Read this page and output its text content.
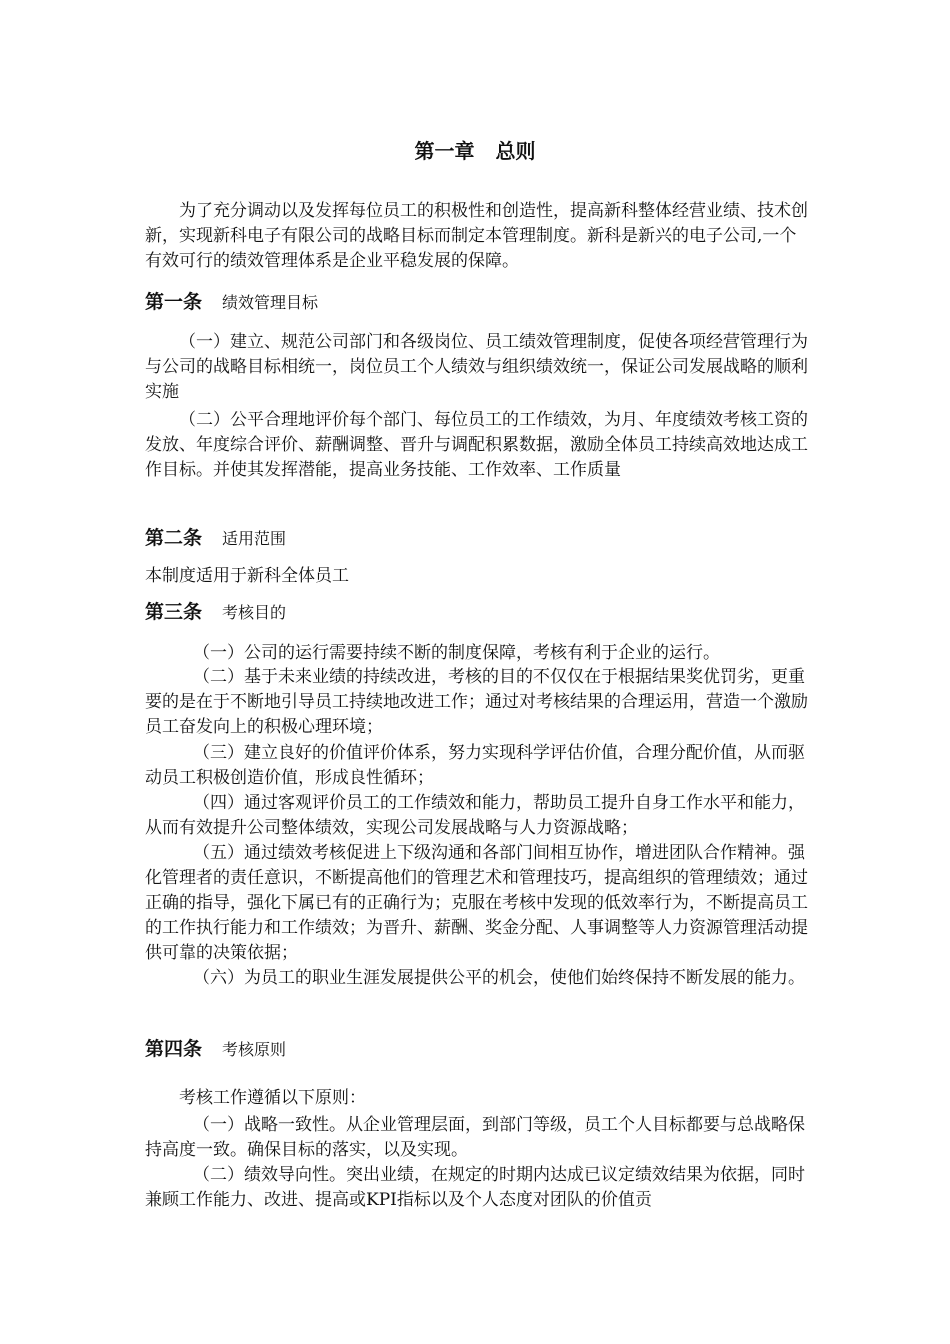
第一章 总则

为了充分调动以及发挥每位员工的积极性和创造性，提高新科整体经营业绩、技术创新，实现新科电子有限公司的战略目标而制定本管理制度。新科是新兴的电子公司,一个有效可行的绩效管理体系是企业平稳发展的保障。

第一条 绩效管理目标

（一）建立、规范公司部门和各级岗位、员工绩效管理制度，促使各项经营管理行为与公司的战略目标相统一，岗位员工个人绩效与组织绩效统一，保证公司发展战略的顺利实施

（二）公平合理地评价每个部门、每位员工的工作绩效，为月、年度绩效考核工资的发放、年度综合评价、薪酬调整、晋升与调配积累数据，激励全体员工持续高效地达成工作目标。并使其发挥潜能，提高业务技能、工作效率、工作质量

第二条 适用范围

本制度适用于新科全体员工

第三条 考核目的

（一）公司的运行需要持续不断的制度保障，考核有利于企业的运行。

（二）基于未来业绩的持续改进，考核的目的不仅仅在于根据结果奖优罚劣，更重要的是在于不断地引导员工持续地改进工作；通过对考核结果的合理运用，营造一个激励员工奋发向上的积极心理环境；

（三）建立良好的价值评价体系，努力实现科学评估价值，合理分配价值，从而驱动员工积极创造价值，形成良性循环；

（四）通过客观评价员工的工作绩效和能力，帮助员工提升自身工作水平和能力，从而有效提升公司整体绩效，实现公司发展战略与人力资源战略；

（五）通过绩效考核促进上下级沟通和各部门间相互协作，增进团队合作精神。强化管理者的责任意识，不断提高他们的管理艺术和管理技巧，提高组织的管理绩效；通过正确的指导，强化下属已有的正确行为；克服在考核中发现的低效率行为，不断提高员工的工作执行能力和工作绩效；为晋升、薪酬、奖金分配、人事调整等人力资源管理活动提供可靠的决策依据；

（六）为员工的职业生涯发展提供公平的机会，使他们始终保持不断发展的能力。

第四条 考核原则

考核工作遵循以下原则：

（一）战略一致性。从企业管理层面，到部门等级，员工个人目标都要与总战略保持高度一致。确保目标的落实，以及实现。

（二）绩效导向性。突出业绩，在规定的时期内达成已议定绩效结果为依据，同时兼顾工作能力、改进、提高或KPI指标以及个人态度对团队的价值贡
